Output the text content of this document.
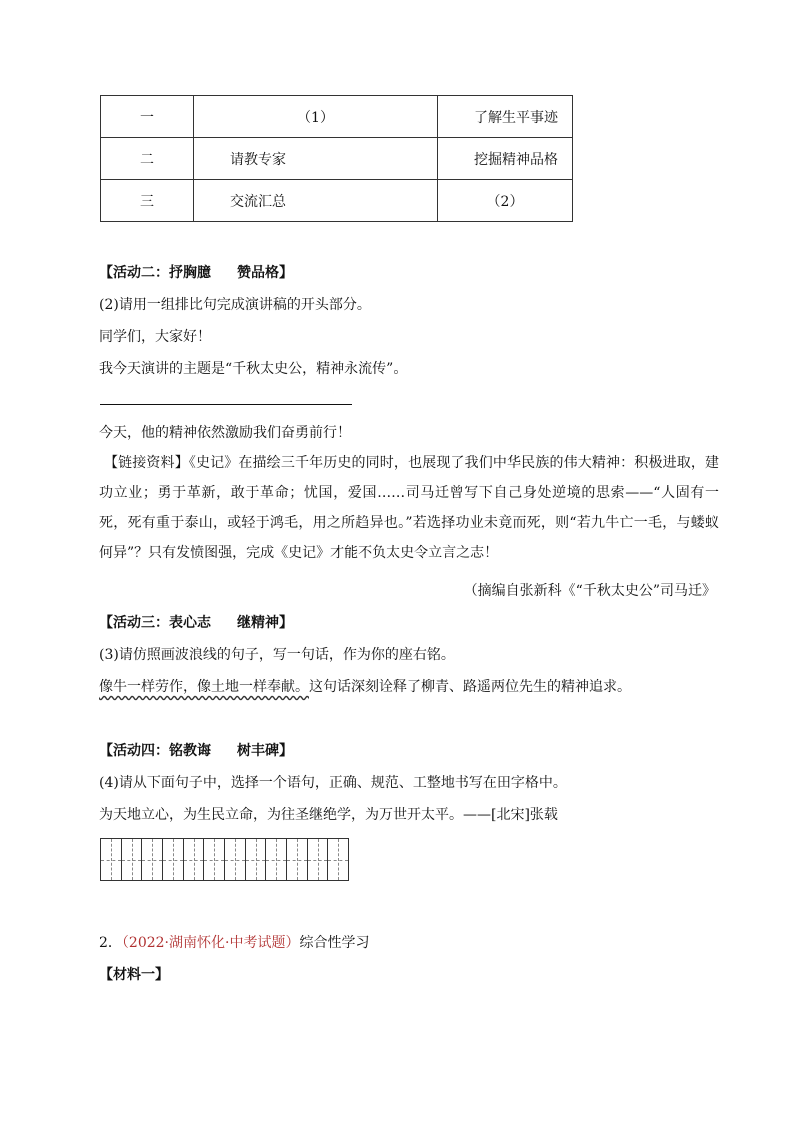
一	（1）	了解生平事迹
二	请教专家	挖掘精神品格
三	交流汇总	（2）
【活动二：抒胸臆 赞品格】
(2)请用一组排比句完成演讲稿的开头部分。
同学们，大家好！
我今天演讲的主题是“千秋太史公，精神永流传”。
今天，他的精神依然激励我们奋勇前行！
【链接资料】《史记》在描绘三千年历史的同时，也展现了我们中华民族的伟大精神：积极进取，建功立业；勇于革新，敢于革命；忧国，爱国……司马迁曾写下自己身处逆境的思索——“人固有一死，死有重于泰山，或轻于鸿毛，用之所趋异也。”若选择功业未竟而死，则“若九牛亡一毛，与蝼蚁何异”？只有发愤图强，完成《史记》才能不负太史令立言之志！
（摘编自张新科《“千秋太史公”司马迁》
【活动三：表心志 继精神】
(3)请仿照画波浪线的句子，写一句话，作为你的座右铭。
像牛一样劳作，像土地一样奉献。这句话深刻诠释了柳青、路遥两位先生的精神追求。
【活动四：铭教诲 树丰碑】
(4)请从下面句子中，选择一个语句，正确、规范、工整地书写在田字格中。
为天地立心，为生民立命，为往圣继绝学，为万世开太平。——[北宋]张载
2．（2022·湖南怀化·中考试题）综合性学习
【材料一】
